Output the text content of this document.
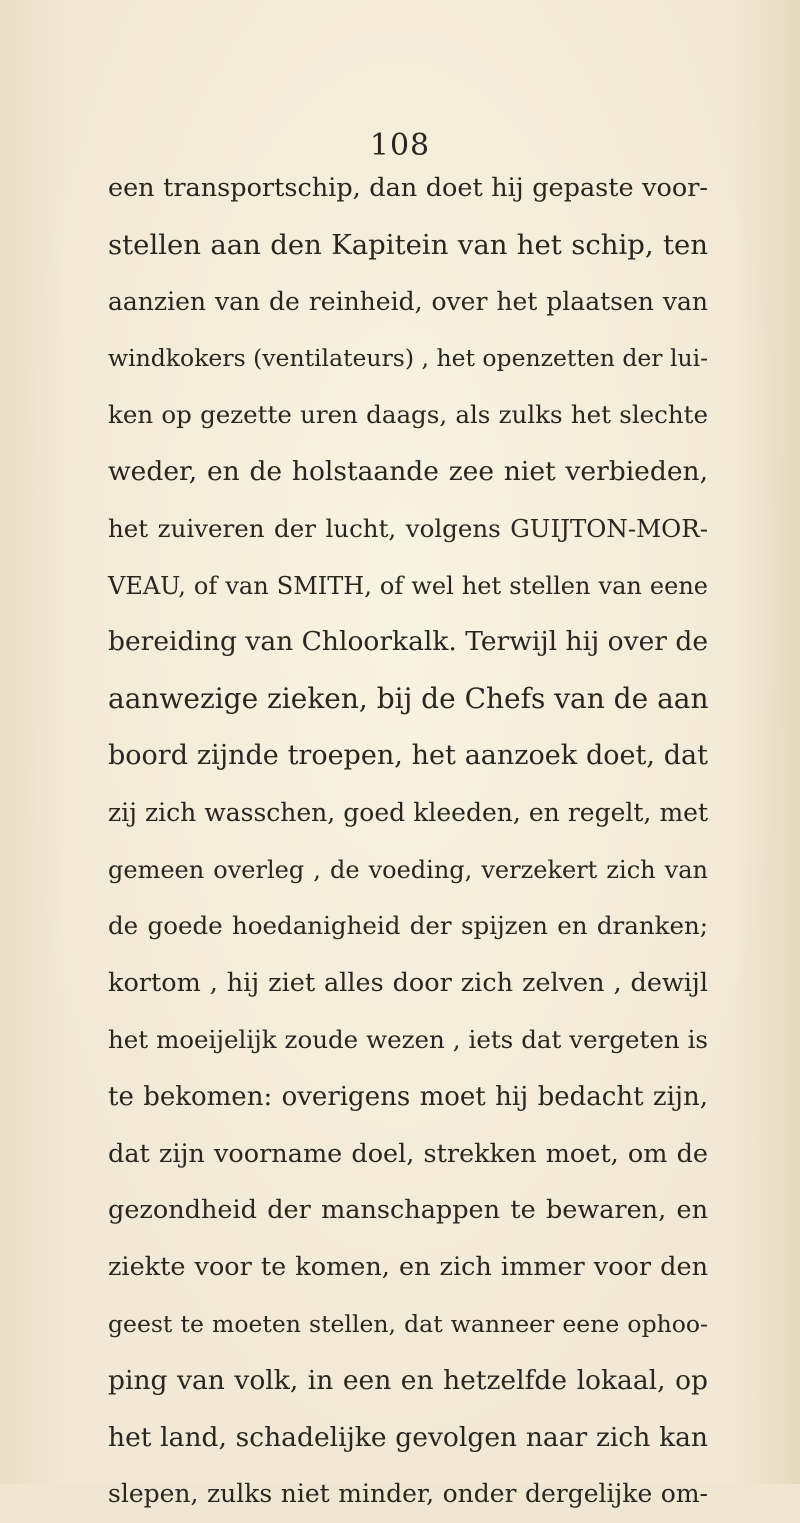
108
een transportschip, dan doet hij gepaste voor-
stellen aan den Kapitein van het schip, ten
aanzien van de reinheid, over het plaatsen van
windkokers (ventilateurs) , het openzetten der lui-
ken op gezette uren daags, als zulks het slechte
weder, en de holstaande zee niet verbieden,
het zuiveren der lucht, volgens GUIJTON-MOR-
VEAU, of van SMITH, of wel het stellen van eene
bereiding van Chloorkalk. Terwijl hij over de
aanwezige zieken, bij de Chefs van de aan
boord zijnde troepen, het aanzoek doet, dat
zij zich wasschen, goed kleeden, en regelt, met
gemeen overleg , de voeding, verzekert zich van
de goede hoedanigheid der spijzen en dranken;
kortom , hij ziet alles door zich zelven , dewijl
het moeijelijk zoude wezen , iets dat vergeten is
te bekomen: overigens moet hij bedacht zijn,
dat zijn voorname doel, strekken moet, om de
gezondheid der manschappen te bewaren, en
ziekte voor te komen, en zich immer voor den
geest te moeten stellen, dat wanneer eene ophoo-
ping van volk, in een en hetzelfde lokaal, op
het land, schadelijke gevolgen naar zich kan
slepen, zulks niet minder, onder dergelijke om-
